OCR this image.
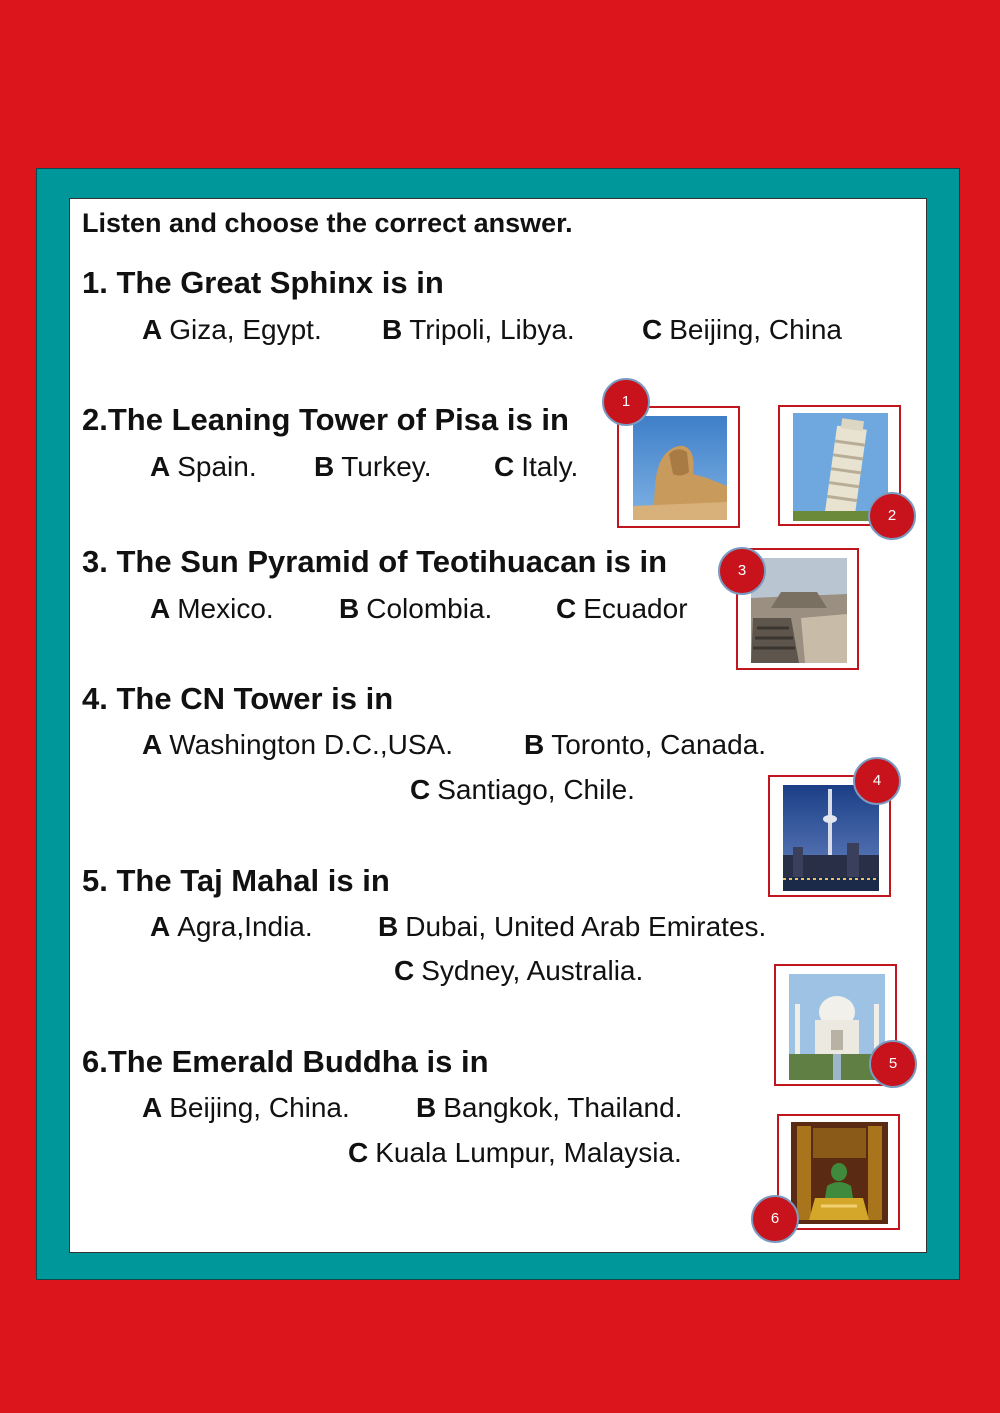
Listen and choose the correct answer.
1. The Great Sphinx is in
A Giza, Egypt. B Tripoli, Libya. C Beijing, China
2.The Leaning Tower of Pisa is in
A Spain. B Turkey. C Italy.
3. The Sun Pyramid of Teotihuacan is in
A Mexico. B Colombia. C Ecuador
4. The CN Tower is in
A Washington D.C.,USA.	B Toronto, Canada.
C Santiago, Chile.
5. The Taj Mahal is in
A Agra,India. B Dubai, United Arab Emirates.
C Sydney, Australia.
6.The Emerald Buddha is in
A Beijing, China. B Bangkok, Thailand.
C Kuala Lumpur, Malaysia.
1
2
3
4
5
6
